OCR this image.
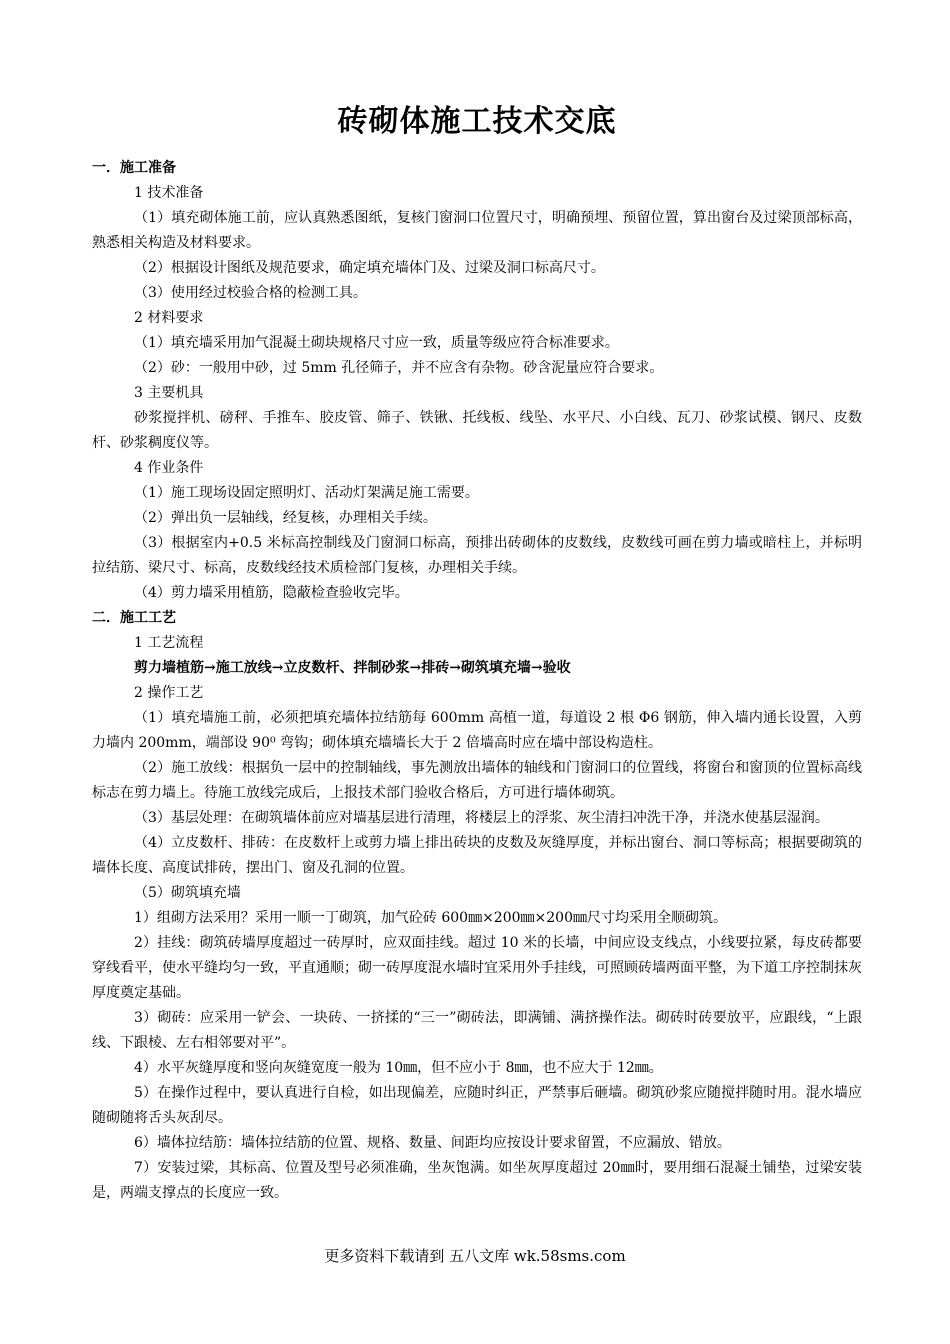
砖砌体施工技术交底

一．施工准备

1 技术准备

（1）填充砌体施工前，应认真熟悉图纸，复核门窗洞口位置尺寸，明确预埋、预留位置，算出窗台及过梁顶部标高，熟悉相关构造及材料要求。

（2）根据设计图纸及规范要求，确定填充墙体门及、过梁及洞口标高尺寸。

（3）使用经过校验合格的检测工具。

2 材料要求

（1）填充墙采用加气混凝土砌块规格尺寸应一致，质量等级应符合标准要求。

（2）砂：一般用中砂，过 5mm 孔径筛子，并不应含有杂物。砂含泥量应符合要求。

3 主要机具

砂浆搅拌机、磅秤、手推车、胶皮管、筛子、铁锹、托线板、线坠、水平尺、小白线、瓦刀、砂浆试模、钢尺、皮数杆、砂浆稠度仪等。

4 作业条件

（1）施工现场设固定照明灯、活动灯架满足施工需要。

（2）弹出负一层轴线，经复核，办理相关手续。

（3）根据室内+0.5 米标高控制线及门窗洞口标高，预排出砖砌体的皮数线，皮数线可画在剪力墙或暗柱上，并标明拉结筋、梁尺寸、标高，皮数线经技术质检部门复核，办理相关手续。

（4）剪力墙采用植筋，隐蔽检查验收完毕。

二．施工工艺

1 工艺流程

剪力墙植筋→施工放线→立皮数杆、拌制砂浆→排砖→砌筑填充墙→验收

2 操作工艺

（1）填充墙施工前，必须把填充墙体拉结筋每 600mm 高植一道，每道设 2 根 Φ6 钢筋，伸入墙内通长设置，入剪力墙内 200mm，端部设 90⁰ 弯钩；砌体填充墙墙长大于 2 倍墙高时应在墙中部设构造柱。

（2）施工放线：根据负一层中的控制轴线，事先测放出墙体的轴线和门窗洞口的位置线，将窗台和窗顶的位置标高线标志在剪力墙上。待施工放线完成后，上报技术部门验收合格后，方可进行墙体砌筑。

（3）基层处理：在砌筑墙体前应对墙基层进行清理，将楼层上的浮浆、灰尘清扫冲洗干净，并浇水使基层湿润。

（4）立皮数杆、排砖：在皮数杆上或剪力墙上排出砖块的皮数及灰缝厚度，并标出窗台、洞口等标高；根据要砌筑的墙体长度、高度试排砖，摆出门、窗及孔洞的位置。

（5）砌筑填充墙

1）组砌方法采用？采用一顺一丁砌筑，加气砼砖 600㎜×200㎜×200㎜尺寸均采用全顺砌筑。

2）挂线：砌筑砖墙厚度超过一砖厚时，应双面挂线。超过 10 米的长墙，中间应设支线点，小线要拉紧，每皮砖都要穿线看平，使水平缝均匀一致，平直通顺；砌一砖厚度混水墙时宜采用外手挂线，可照顾砖墙两面平整，为下道工序控制抹灰厚度奠定基础。

3）砌砖：应采用一铲会、一块砖、一挤揉的“三一”砌砖法，即满铺、满挤操作法。砌砖时砖要放平，应跟线，“上跟线、下跟棱、左右相邻要对平”。

4）水平灰缝厚度和竖向灰缝宽度一般为 10㎜，但不应小于 8㎜，也不应大于 12㎜。

5）在操作过程中，要认真进行自检，如出现偏差，应随时纠正，严禁事后砸墙。砌筑砂浆应随搅拌随时用。混水墙应随砌随将舌头灰刮尽。

6）墙体拉结筋：墙体拉结筋的位置、规格、数量、间距均应按设计要求留置，不应漏放、错放。

7）安装过梁，其标高、位置及型号必须准确，坐灰饱满。如坐灰厚度超过 20㎜时，要用细石混凝土铺垫，过梁安装是，两端支撑点的长度应一致。

更多资料下载请到 五八文库 wk.58sms.com
